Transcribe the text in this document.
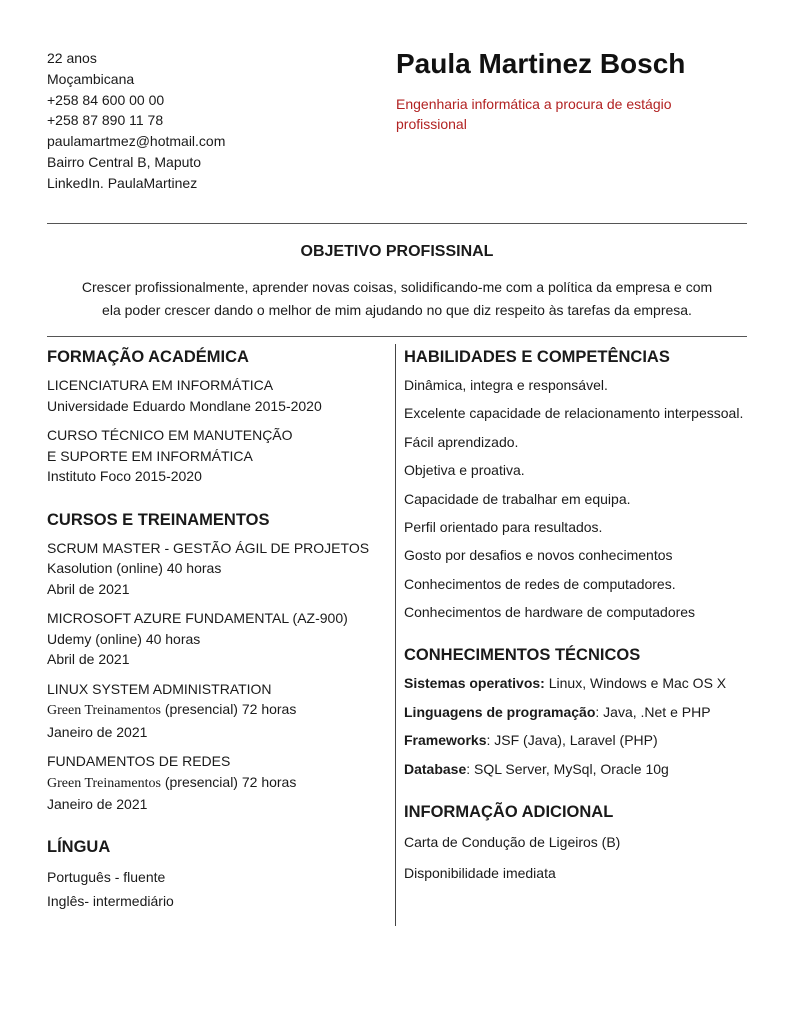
22 anos
Moçambicana
+258 84 600 00 00
+258 87 890 11 78
paulamartmez@hotmail.com
Bairro Central B, Maputo
LinkedIn. PaulaMartinez
Paula Martinez Bosch
Engenharia informática a procura de estágio profissional
OBJETIVO PROFISSINAL
Crescer profissionalmente, aprender novas coisas, solidificando-me com a política da empresa e com
ela poder crescer dando o melhor de mim ajudando no que diz respeito às tarefas da empresa.
FORMAÇÃO ACADÉMICA
LICENCIATURA EM INFORMÁTICA
Universidade Eduardo Mondlane 2015-2020
CURSO TÉCNICO EM MANUTENÇÃO
E SUPORTE EM INFORMÁTICA
Instituto Foco 2015-2020
CURSOS E TREINAMENTOS
SCRUM MASTER - GESTÃO ÁGIL DE PROJETOS
Kasolution (online) 40 horas
Abril de 2021
MICROSOFT AZURE FUNDAMENTAL (AZ-900)
Udemy (online) 40 horas
Abril de 2021
LINUX SYSTEM ADMINISTRATION
Green Treinamentos (presencial) 72 horas
Janeiro de 2021
FUNDAMENTOS DE REDES
Green Treinamentos (presencial) 72 horas
Janeiro de 2021
LÍNGUA
Português - fluente
Inglês- intermediário
HABILIDADES E COMPETÊNCIAS
Dinâmica, integra e responsável.
Excelente capacidade de relacionamento interpessoal.
Fácil aprendizado.
Objetiva e proativa.
Capacidade de trabalhar em equipa.
Perfil orientado para resultados.
Gosto por desafios e novos conhecimentos
Conhecimentos de redes de computadores.
Conhecimentos de hardware de computadores
CONHECIMENTOS TÉCNICOS
Sistemas operativos: Linux, Windows e Mac OS X
Linguagens de programação: Java, .Net e PHP
Frameworks: JSF (Java), Laravel (PHP)
Database: SQL Server, MySql, Oracle 10g
INFORMAÇÃO ADICIONAL
Carta de Condução de Ligeiros (B)
Disponibilidade imediata
